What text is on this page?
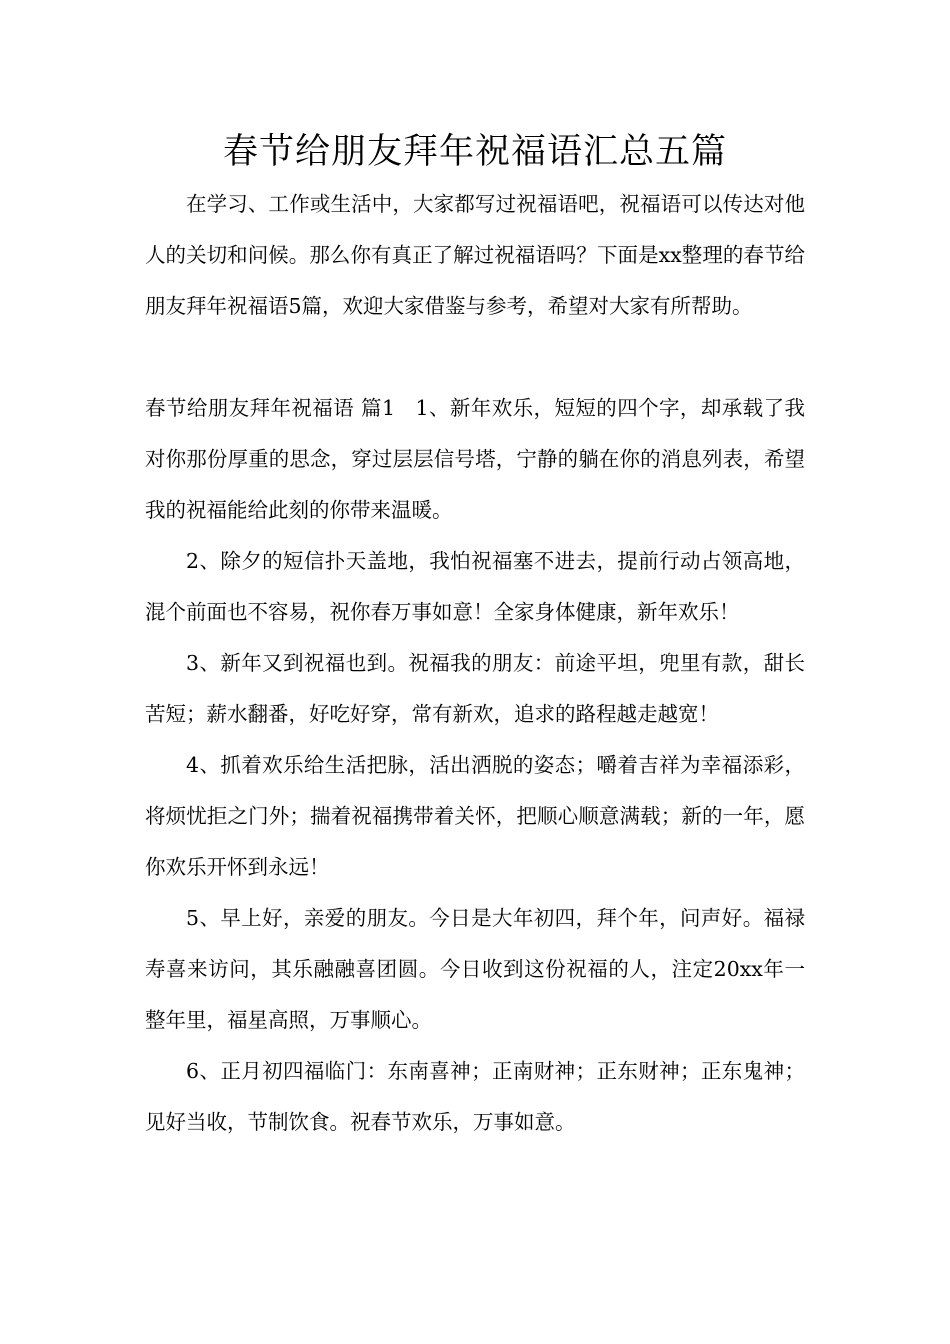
春节给朋友拜年祝福语汇总五篇

在学习、工作或生活中，大家都写过祝福语吧，祝福语可以传达对他人的关切和问候。那么你有真正了解过祝福语吗？下面是xx整理的春节给朋友拜年祝福语5篇，欢迎大家借鉴与参考，希望对大家有所帮助。

春节给朋友拜年祝福语 篇1 1、新年欢乐，短短的四个字，却承载了我对你那份厚重的思念，穿过层层信号塔，宁静的躺在你的消息列表，希望我的祝福能给此刻的你带来温暖。

2、除夕的短信扑天盖地，我怕祝福塞不进去，提前行动占领高地，混个前面也不容易，祝你春万事如意！全家身体健康，新年欢乐！

3、新年又到祝福也到。祝福我的朋友：前途平坦，兜里有款，甜长苦短；薪水翻番，好吃好穿，常有新欢，追求的路程越走越宽！

4、抓着欢乐给生活把脉，活出洒脱的姿态；嚼着吉祥为幸福添彩，将烦忧拒之门外；揣着祝福携带着关怀，把顺心顺意满载；新的一年，愿你欢乐开怀到永远！

5、早上好，亲爱的朋友。今日是大年初四，拜个年，问声好。福禄寿喜来访问，其乐融融喜团圆。今日收到这份祝福的人，注定20xx年一整年里，福星高照，万事顺心。

6、正月初四福临门：东南喜神；正南财神；正东财神；正东鬼神；见好当收，节制饮食。祝春节欢乐，万事如意。
